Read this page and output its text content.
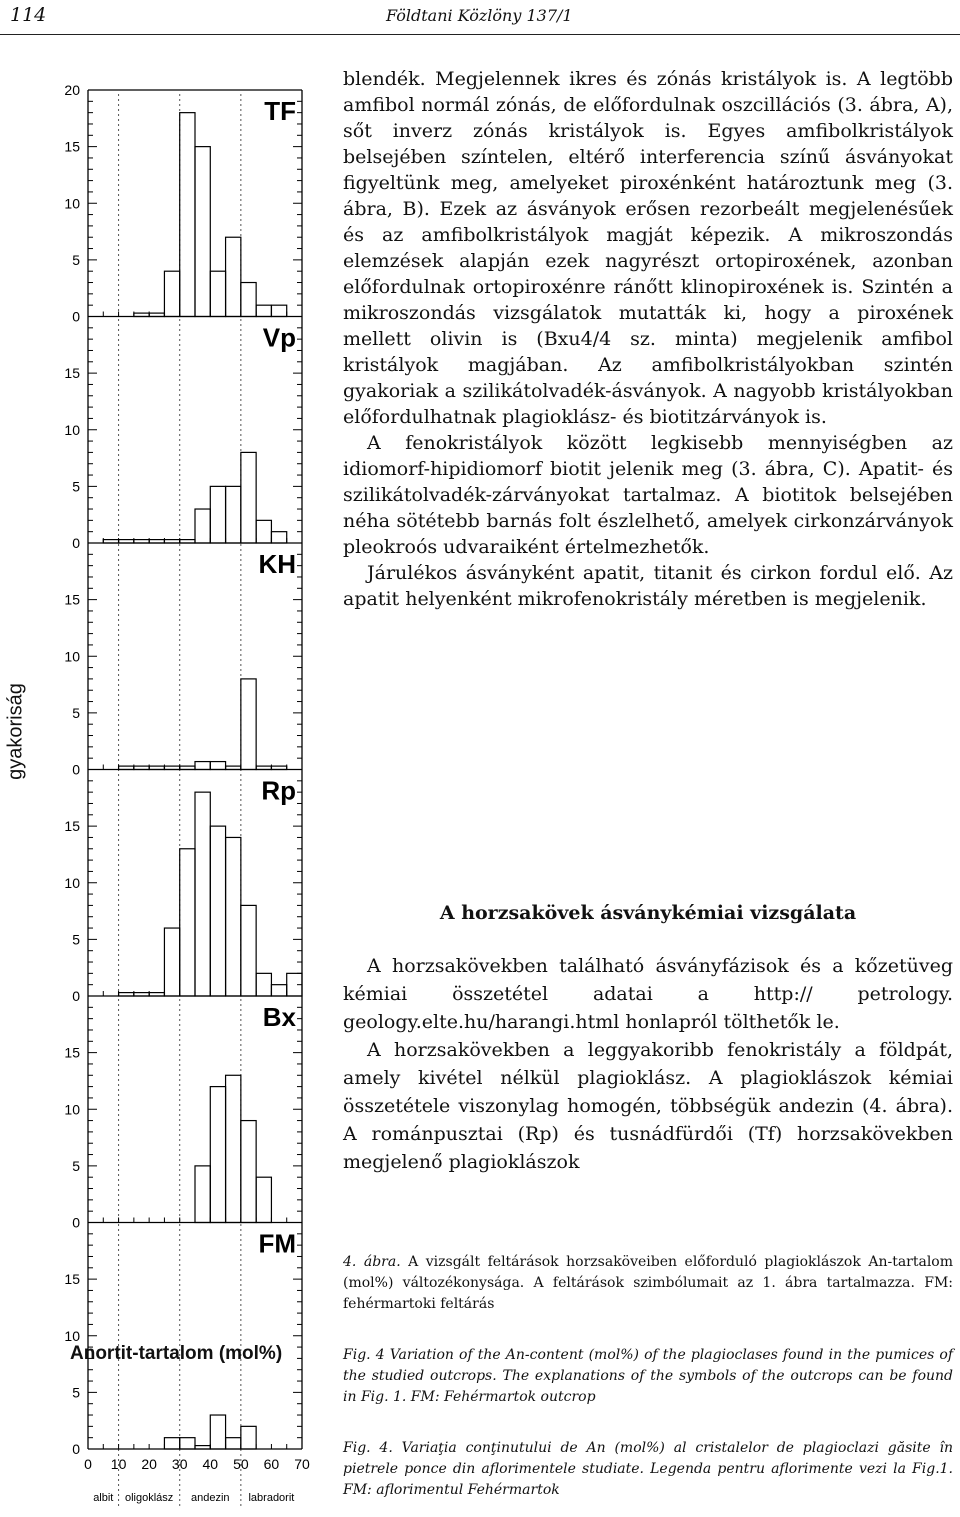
114	Földtani Közlöny 137/1
gyakoriság
0
5
10
15
20
TF
0
5
10
15
Vp
0
5
10
15
KH
0
5
10
15
Rp
0
5
10
15
Bx
0
5
10
15
FM
0 10 20 30 40 50 60 70
albit oligoklász andezin labradorit
Anortit-tartalom (mol%)

blendék. Megjelennek ikres és zónás kristályok is. A legtöbb amfibol normál zónás, de előfordulnak oszcillációs (3. ábra, A), sőt inverz zónás kristályok is. Egyes amfibolkristályok belsejében színtelen, eltérő interferencia színű ásványokat figyeltünk meg, amelyeket piroxénként határoztunk meg (3. ábra, B). Ezek az ásványok erősen rezorbeált megjelenésűek és az amfibolkristályok magját képezik. A mikroszondás elemzések alapján ezek nagyrészt ortopiroxének, azonban előfordulnak ortopiroxénre ránőtt klinopiroxének is. Szintén a mikroszondás vizsgálatok mutatták ki, hogy a piroxének mellett olivin is (Bxu4/4 sz. minta) megjelenik amfibol kristályok magjában. Az amfibolkristályokban szintén gyakoriak a szilikátolvadék-ásványok. A nagyobb kristályokban előfordulhatnak plagioklász- és biotitzárványok is.

A fenokristályok között legkisebb mennyiségben az idiomorf-hipidiomorf biotit jelenik meg (3. ábra, C). Apatit- és szilikátolvadék-zárványokat tartalmaz. A biotitok belsejében néha sötétebb barnás folt észlelhető, amelyek cirkonzárványok pleokroós udvaraiként értelmezhetők.

Járulékos ásványként apatit, titanit és cirkon fordul elő. Az apatit helyenként mikrofenokristály méretben is megjelenik.

A horzsakövek ásványkémiai vizsgálata

A horzsakövekben található ásványfázisok és a kőzetüveg kémiai összetétel adatai a http:// petrology. geology.elte.hu/harangi.html honlapról tölthetők le.

A horzsakövekben a leggyakoribb fenokristály a földpát, amely kivétel nélkül plagioklász. A plagioklászok kémiai összetétele viszonylag homogén, többségük andezin (4. ábra). A románpusztai (Rp) és tusnádfürdői (Tf) horzsakövekben megjelenő plagioklászok

4. ábra. A vizsgált feltárások horzsaköveiben előforduló plagioklászok An-tartalom (mol%) változékonysága. A feltárások szimbólumait az 1. ábra tartalmazza. FM: fehérmartoki feltárás
Fig. 4 Variation of the An-content (mol%) of the plagioclases found in the pumices of the studied outcrops. The explanations of the symbols of the outcrops can be found in Fig. 1. FM: Fehérmartok outcrop
Fig. 4. Variaţia conţinutului de An (mol%) al cristalelor de plagioclazi găsite în pietrele ponce din aflorimentele studiate. Legenda pentru aflorimente vezi la Fig.1. FM: aflorimentul Fehérmartok
